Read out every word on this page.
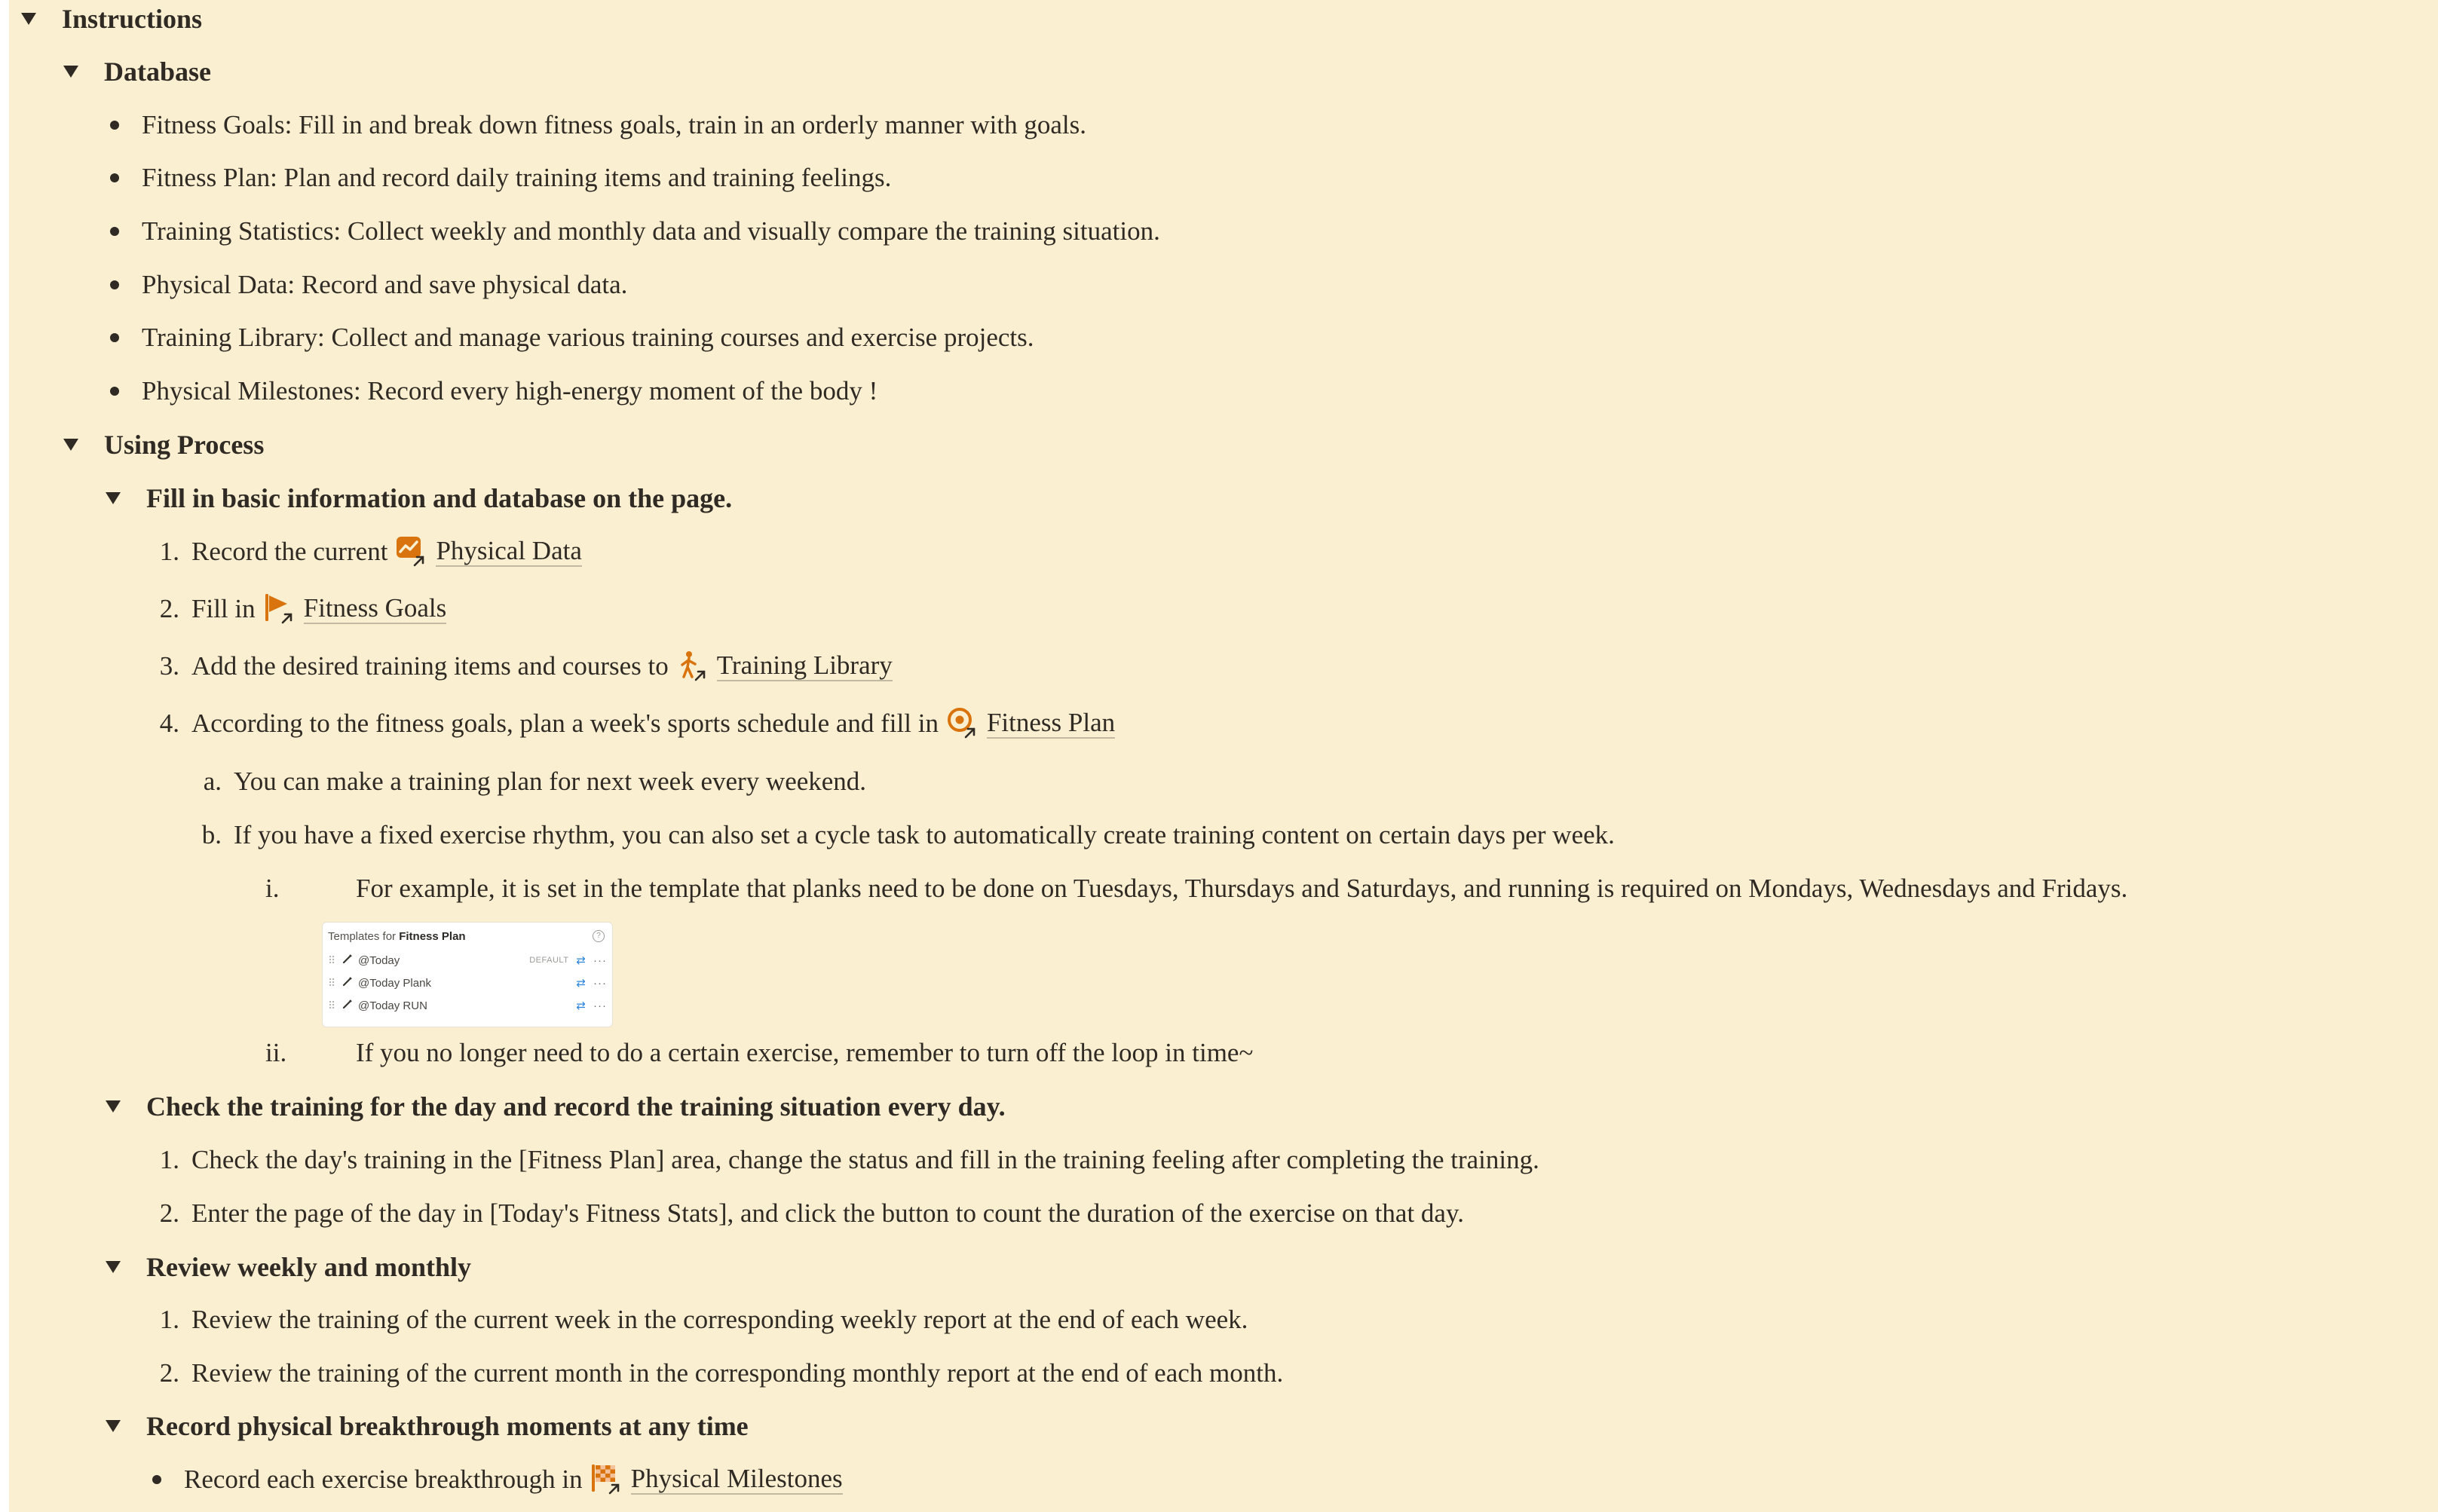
Instructions
Database
Fitness Goals: Fill in and break down fitness goals, train in an orderly manner with goals.
Fitness Plan: Plan and record daily training items and training feelings.
Training Statistics: Collect weekly and monthly data and visually compare the training situation.
Physical Data: Record and save physical data.
Training Library: Collect and manage various training courses and exercise projects.
Physical Milestones: Record every high-energy moment of the body !
Using Process
Fill in basic information and database on the page.
1. Record the current Physical Data
2. Fill in Fitness Goals
3. Add the desired training items and courses to Training Library
4. According to the fitness goals, plan a week's sports schedule and fill in Fitness Plan
a. You can make a training plan for next week every weekend.
b. If you have a fixed exercise rhythm, you can also set a cycle task to automatically create training content on certain days per week.
i.	For example, it is set in the template that planks need to be done on Tuesdays, Thursdays and Saturdays, and running is required on Mondays, Wednesdays and Fridays.
ii.	If you no longer need to do a certain exercise, remember to turn off the loop in time~
Check the training for the day and record the training situation every day.
1. Check the day's training in the [Fitness Plan] area, change the status and fill in the training feeling after completing the training.
2. Enter the page of the day in [Today's Fitness Stats], and click the button to count the duration of the exercise on that day.
Review weekly and monthly
1. Review the training of the current week in the corresponding weekly report at the end of each week.
2. Review the training of the current month in the corresponding monthly report at the end of each month.
Record physical breakthrough moments at any time
Record each exercise breakthrough in Physical Milestones
Templates for Fitness Plan	?
⠿	@Today	DEFAULT ⇄ ···
⠿	@Today Plank	⇄ ···
⠿	@Today RUN	⇄ ···
